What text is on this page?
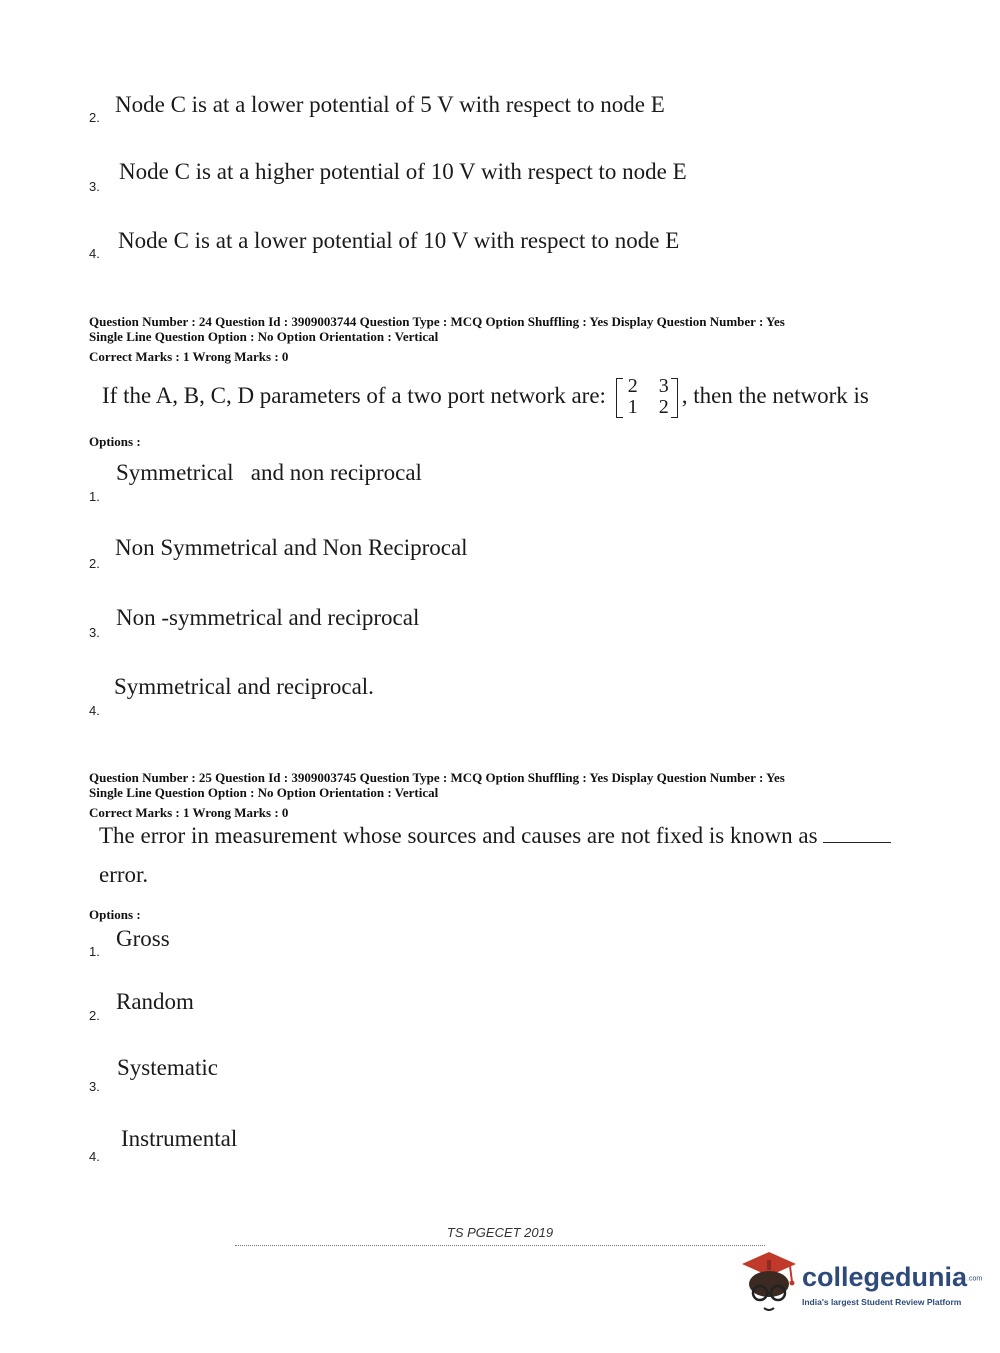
2.
Node C is at a lower potential of 5 V with respect to node E
3.
Node C is at a higher potential of 10 V with respect to node E
4.
Node C is at a lower potential of 10 V with respect to node E
Question Number : 24 Question Id : 3909003744 Question Type : MCQ Option Shuffling : Yes Display Question Number : Yes
Single Line Question Option : No Option Orientation : Vertical
Correct Marks : 1 Wrong Marks : 0
If the A, B, C, D parameters of a two port network are: 2 3
1 2 , then the network is
Options :
1.
Symmetrical   and non reciprocal
2.
Non Symmetrical and Non Reciprocal
3.
Non -symmetrical and reciprocal
4.
Symmetrical and reciprocal.
Question Number : 25 Question Id : 3909003745 Question Type : MCQ Option Shuffling : Yes Display Question Number : Yes
Single Line Question Option : No Option Orientation : Vertical
Correct Marks : 1 Wrong Marks : 0
The error in measurement whose sources and causes are not fixed is known as
error.
Options :
1.
Gross
2.
Random
3.
Systematic
4.
Instrumental
TS PGECET 2019
collegedunia.com
India's largest Student Review Platform
